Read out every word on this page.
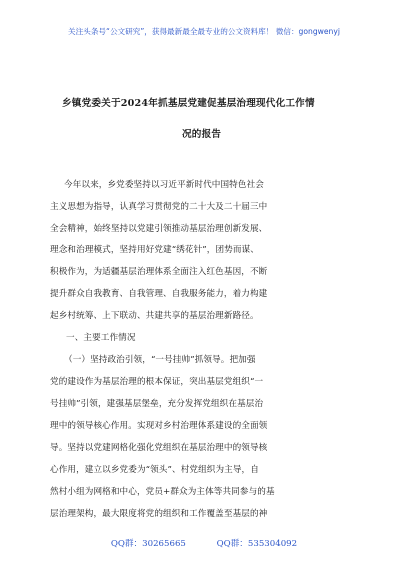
关注头条号“公文研究”，获得最新最全最专业的公文资料库！ 微信：gongwenyj
乡镇党委关于2024年抓基层党建促基层治理现代化工作情
况的报告
今年以来，乡党委坚持以习近平新时代中国特色社会
主义思想为指导，认真学习贯彻党的二十大及二十届三中
全会精神，始终坚持以党建引领推动基层治理创新发展、
理念和治理模式，坚持用好党建“绣花针”，团势而谋、
积极作为，为适疆基层治理体系全面注入红色基因，不断
提升群众自我教育、自我管理、自我服务能力，着力构建
起乡村统筹、上下联动、共建共享的基层治理新路径。
一、主要工作情况
（一）坚持政治引领，“一号挂帅”抓领导。把加强
党的建设作为基层治理的根本保证，突出基层党组织“一
号挂帅”引领，建强基层堡垒，充分发挥党组织在基层治
理中的领导核心作用。实现对乡村治理体系建设的全面领
导。坚持以党建网格化强化党组织在基层治理中的领导核
心作用，建立以乡党委为“领头”、村党组织为主导，自
然村小组为网格和中心，党员+群众为主体等共同参与的基
层治理架构，最大限度将党的组织和工作覆盖至基层的神
QQ群：30265665	QQ群：535304092
